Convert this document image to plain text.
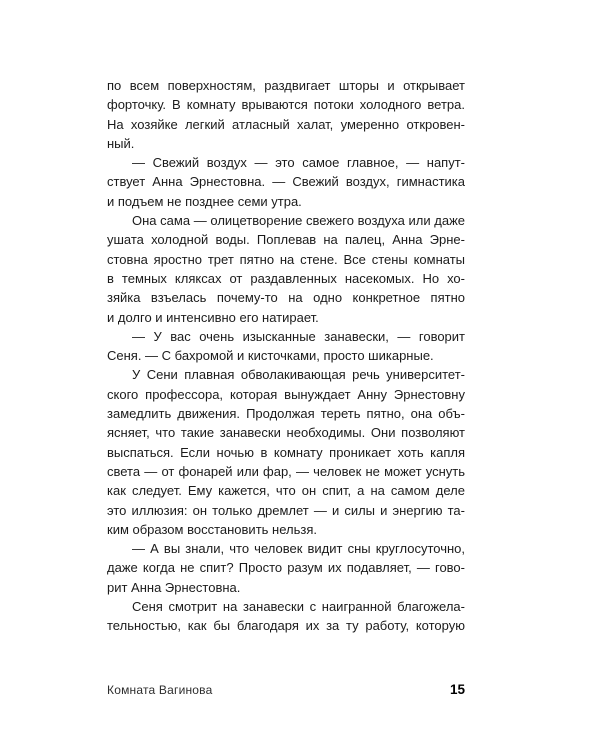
по всем поверхностям, раздвигает шторы и открывает
форточку. В комнату врываются потоки холодного ветра.
На хозяйке легкий атласный халат, умеренно откровен-
ный.

— Свежий воздух — это самое главное, — напут-
ствует Анна Эрнестовна. — Свежий воздух, гимнастика
и подъем не позднее семи утра.

Она сама — олицетворение свежего воздуха или даже
ушата холодной воды. Поплевав на палец, Анна Эрне-
стовна яростно трет пятно на стене. Все стены комнаты
в темных кляксах от раздавленных насекомых. Но хо-
зяйка взъелась почему-то на одно конкретное пятно
и долго и интенсивно его натирает.

— У вас очень изысканные занавески, — говорит
Сеня. — С бахромой и кисточками, просто шикарные.

У Сени плавная обволакивающая речь университет-
ского профессора, которая вынуждает Анну Эрнестовну
замедлить движения. Продолжая тереть пятно, она объ-
ясняет, что такие занавески необходимы. Они позволяют
выспаться. Если ночью в комнату проникает хоть капля
света — от фонарей или фар, — человек не может уснуть
как следует. Ему кажется, что он спит, а на самом деле
это иллюзия: он только дремлет — и силы и энергию та-
ким образом восстановить нельзя.

— А вы знали, что человек видит сны круглосуточно,
даже когда не спит? Просто разум их подавляет, — гово-
рит Анна Эрнестовна.

Сеня смотрит на занавески с наигранной благожела-
тельностью, как бы благодаря их за ту работу, которую

Комната Вагинова	15
